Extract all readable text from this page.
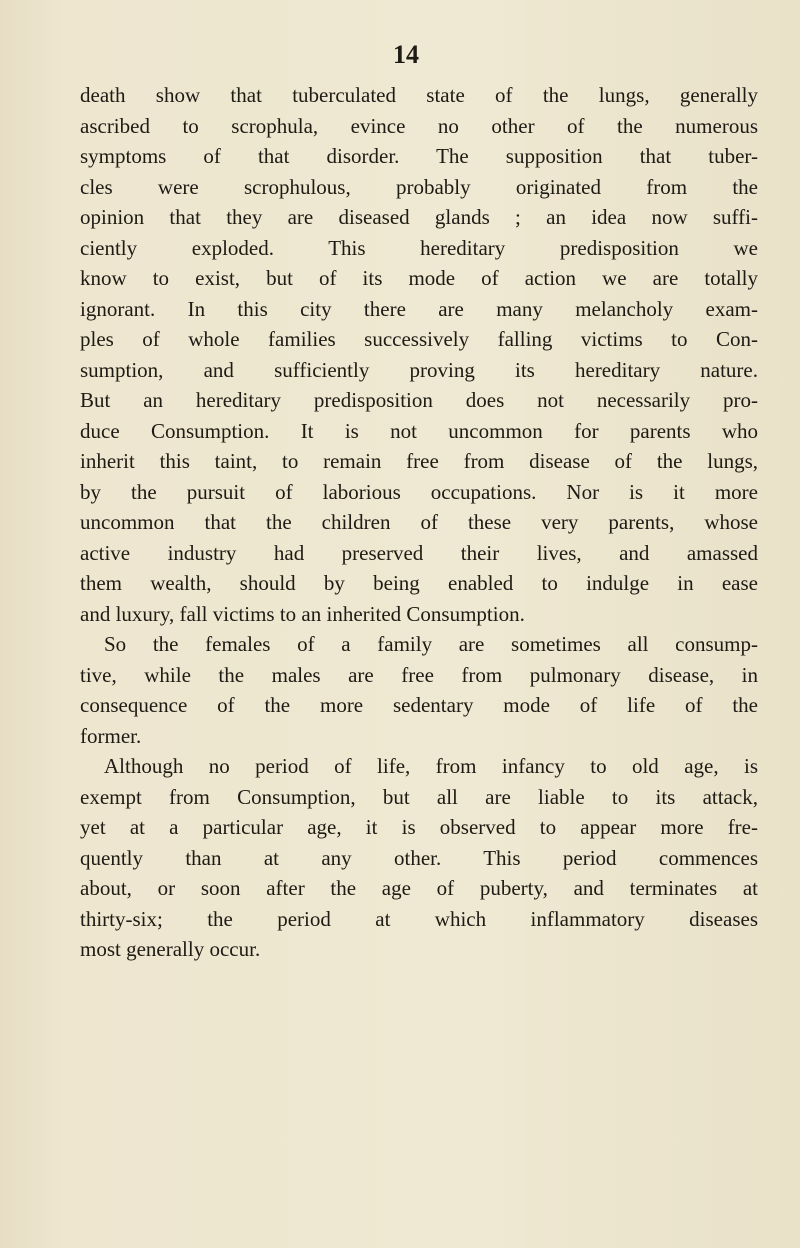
14
death show that tuberculated state of the lungs, generally
ascribed to scrophula, evince no other of the numerous
symptoms of that disorder. The supposition that tuber-
cles were scrophulous, probably originated from the
opinion that they are diseased glands ; an idea now suffi-
ciently exploded. This hereditary predisposition we
know to exist, but of its mode of action we are totally
ignorant. In this city there are many melancholy exam-
ples of whole families successively falling victims to Con-
sumption, and sufficiently proving its hereditary nature.
But an hereditary predisposition does not necessarily pro-
duce Consumption. It is not uncommon for parents who
inherit this taint, to remain free from disease of the lungs,
by the pursuit of laborious occupations. Nor is it more
uncommon that the children of these very parents, whose
active industry had preserved their lives, and amassed
them wealth, should by being enabled to indulge in ease
and luxury, fall victims to an inherited Consumption.
So the females of a family are sometimes all consump-
tive, while the males are free from pulmonary disease, in
consequence of the more sedentary mode of life of the
former.
Although no period of life, from infancy to old age, is
exempt from Consumption, but all are liable to its attack,
yet at a particular age, it is observed to appear more fre-
quently than at any other. This period commences
about, or soon after the age of puberty, and terminates at
thirty-six; the period at which inflammatory diseases
most generally occur.
